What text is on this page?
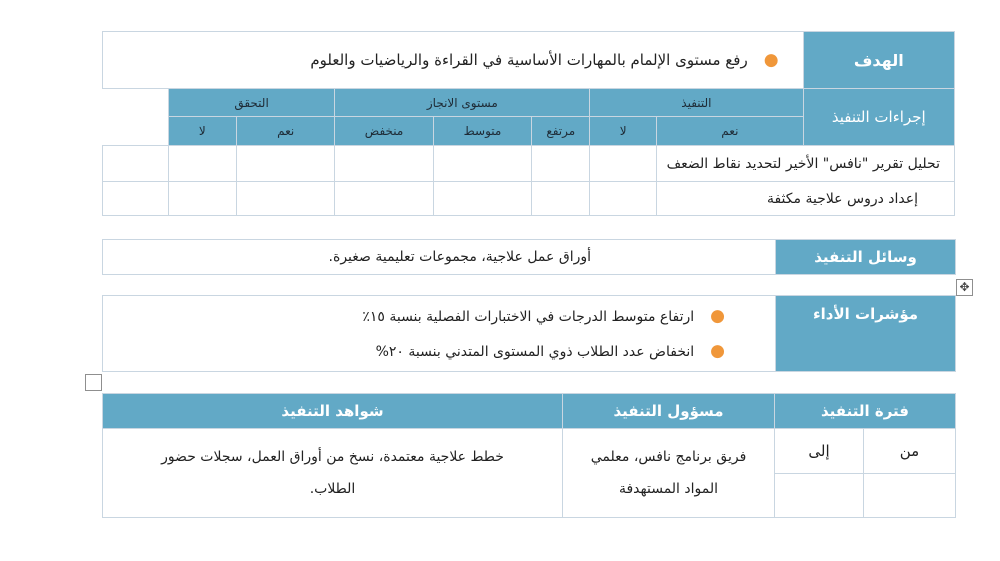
الهدف	●رفع مستوى الإلمام بالمهارات الأساسية في القراءة والرياضيات والعلوم							
إجراءات التنفيذ	التنفيذ		مستوى الانجاز			التحقق	
	نعم	لا	مرتفع	متوسط	منخفض	نعم	لا	
تحليل تقرير "نافس" الأخير لتحديد نقاط الضعف								
إعداد دروس علاجية مكثفة								
وسائل التنفيذ	أوراق عمل علاجية، مجموعات تعليمية صغيرة.
✥
مؤشرات الأداء	
●ارتفاع متوسط الدرجات في الاختبارات الفصلية بنسبة ١٥٪
●انخفاض عدد الطلاب ذوي المستوى المتدني بنسبة ٢٠%
فترة التنفيذ		مسؤول التنفيذ	شواهد التنفيذ
من	إلى	فريق برنامج نافس، معلمي
المواد المستهدفة	خطط علاجية معتمدة، نسخ من أوراق العمل، سجلات حضور
الطلاب.
